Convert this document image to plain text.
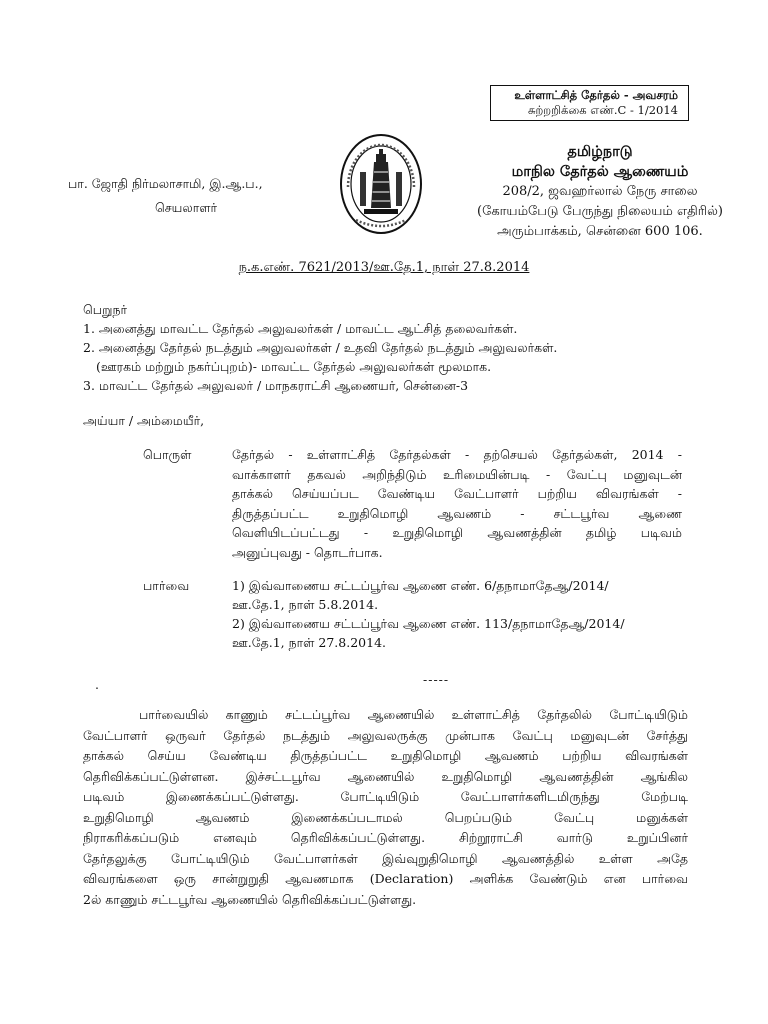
உள்ளாட்சித் தேர்தல் - அவசரம்
சுற்றறிக்கை எண்.C - 1/2014
பா. ஜோதி நிர்மலாசாமி, இ.ஆ.ப.,
செயலாளர்
தமிழ்நாடு
மாநில தேர்தல் ஆணையம்
208/2, ஜவஹர்லால் நேரு சாலை
(கோயம்பேடு பேருந்து நிலையம் எதிரில்)
அரும்பாக்கம், சென்னை 600 106.
ந.க.எண். 7621/2013/ஊ.தே.1, நாள் 27.8.2014
பெறுநர்
1. அனைத்து மாவட்ட தேர்தல் அலுவலர்கள் / மாவட்ட ஆட்சித் தலைவர்கள்.
2. அனைத்து தேர்தல் நடத்தும் அலுவலர்கள் / உதவி தேர்தல் நடத்தும் அலுவலர்கள்.
(ஊரகம் மற்றும் நகர்ப்புறம்)- மாவட்ட தேர்தல் அலுவலர்கள் மூலமாக.
3. மாவட்ட தேர்தல் அலுவலர் / மாநகராட்சி ஆணையர், சென்னை-3
அய்யா / அம்மையீர்,
பொருள்	தேர்தல் - உள்ளாட்சித் தேர்தல்கள் - தற்செயல் தேர்தல்கள், 2014 -
வாக்காளர் தகவல் அறிந்திடும் உரிமையின்படி - வேட்பு மனுவுடன்
தாக்கல் செய்யப்பட வேண்டிய வேட்பாளர் பற்றிய விவரங்கள் -
திருத்தப்பட்ட உறுதிமொழி ஆவணம் - சட்டபூர்வ ஆணை
வெளியிடப்பட்டது - உறுதிமொழி ஆவணத்தின் தமிழ் படிவம்
அனுப்புவது - தொடர்பாக.
பார்வை	1) இவ்வாணைய சட்டப்பூர்வ ஆணை எண். 6/தநாமாதேஆ/2014/
ஊ.தே.1, நாள் 5.8.2014.
2) இவ்வாணைய சட்டப்பூர்வ ஆணை எண். 113/தநாமாதேஆ/2014/
ஊ.தே.1, நாள் 27.8.2014.
.	-----
பார்வையில் காணும் சட்டப்பூர்வ ஆணையில் உள்ளாட்சித் தேர்தலில் போட்டியிடும்
வேட்பாளர் ஒருவர் தேர்தல் நடத்தும் அலுவலருக்கு முன்பாக வேட்பு மனுவுடன் சேர்த்து
தாக்கல் செய்ய வேண்டிய திருத்தப்பட்ட உறுதிமொழி ஆவணம் பற்றிய விவரங்கள்
தெரிவிக்கப்பட்டுள்ளன. இச்சட்டபூர்வ ஆணையில் உறுதிமொழி ஆவணத்தின் ஆங்கில
படிவம் இணைக்கப்பட்டுள்ளது. போட்டியிடும் வேட்பாளர்களிடமிருந்து மேற்படி
உறுதிமொழி ஆவணம் இணைக்கப்படாமல் பெறப்படும் வேட்பு மனுக்கள்
நிராகரிக்கப்படும் எனவும் தெரிவிக்கப்பட்டுள்ளது. சிற்றூராட்சி வார்டு உறுப்பினர்
தேர்தலுக்கு போட்டியிடும் வேட்பாளர்கள் இவ்வுறுதிமொழி ஆவணத்தில் உள்ள அதே
விவரங்களை ஒரு சான்றுறுதி ஆவணமாக (Declaration) அளிக்க வேண்டும் என பார்வை
2ல் காணும் சட்டபூர்வ ஆணையில் தெரிவிக்கப்பட்டுள்ளது.
